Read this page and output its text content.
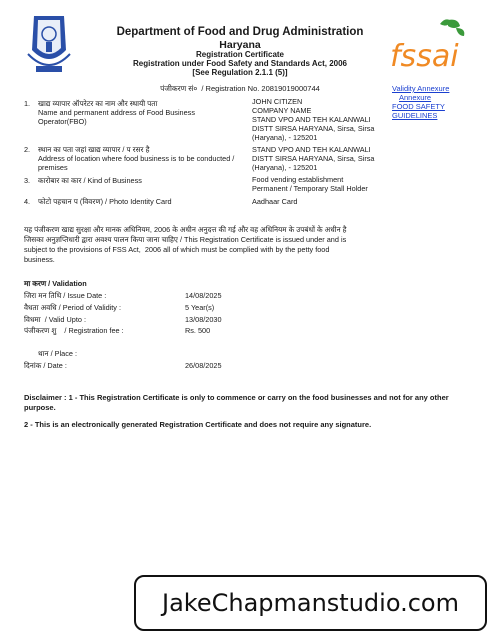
Department of Food and Drug Administration
Haryana
Registration Certificate
Registration under Food Safety and Standards Act, 2006
[See Regulation 2.1.1 (5)]
पंजीकरण सं०  / Registration No. 20819019000744
fssai
Validity Annexure
Annexure
FOOD SAFETY
GUIDELINES
1. खाद्य व्यापार ऑपरेटर का नाम और स्थायी पता
Name and permanent address of Food Business Operator(FBO)
JOHN CITIZEN
COMPANY NAME
STAND VPO AND TEH KALANWALI
DISTT SIRSA HARYANA, Sirsa, Sirsa
(Haryana), - 125201
2. स्थान का पता जहां खाद्य व्यापार / प रसर है
Address of location where food business is to be conducted / premises
STAND VPO AND TEH KALANWALI
DISTT SIRSA HARYANA, Sirsa, Sirsa
(Haryana), - 125201
3. कारोबार का कार / Kind of Business	Food vending establishment
Permanent / Temporary Stall Holder
4. फोटो पहचान प (विवरण) / Photo Identity Card	Aadhaar Card
यह पंजीकरण खाद्य सुरक्षा और मानक अधिनियम, 2006 के अधीन अनुदत्त की गई और वह अधिनियम के उपबंधों के अधीन है
जिसका अनुज्ञप्तिधारी द्वारा अवश्य पालन किया जाना चाहिए / This Registration Certificate is issued under and is
subject to the provisions of FSS Act,  2006 all of which must be complied with by the petty food
business.
मा करण / Validation
जिरा मन तिथि / Issue Date :	14/08/2025
वैधता अवधि / Period of Validity :	5 Year(s)
विधमा  / Valid Upto :	13/08/2030
पंजीकरण शु    / Registration fee :	Rs. 500
थान / Place :
दिनांक / Date :	26/08/2025
Disclaimer : 1 - This Registration Certificate is only to commence or carry on the food businesses and not for any other purpose.
2 - This is an electronically generated Registration Certificate and does not require any signature.
JakeChapmanstudio.com
